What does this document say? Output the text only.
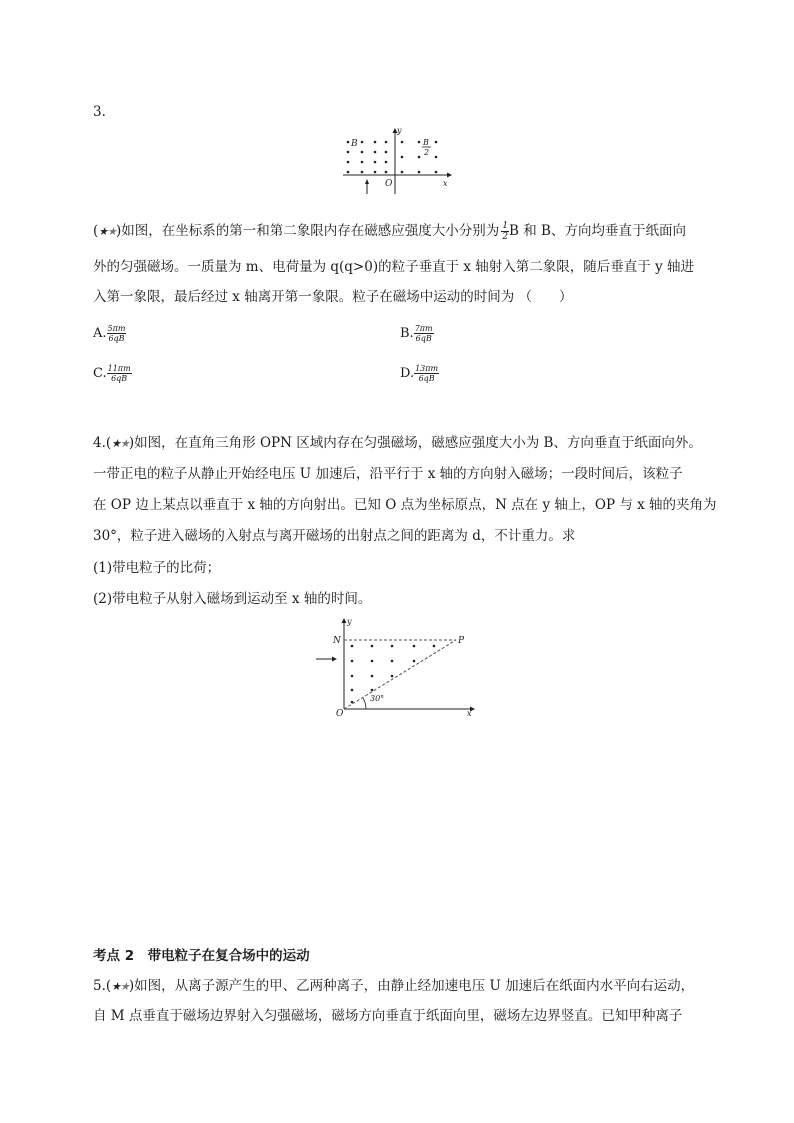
3.
B	B
2
y
x
O
(★★)如图，在坐标系的第一和第二象限内存在磁感应强度大小分别为 $\frac{1}{2}$ B 和 B、方向均垂直于纸面向
外的匀强磁场。一质量为 m、电荷量为 q(q>0)的粒子垂直于 x 轴射入第二象限，随后垂直于 y 轴进
入第一象限，最后经过 x 轴离开第一象限。粒子在磁场中运动的时间为 （　　）
A. $\frac{5\pi m}{6qB}$	B. $\frac{7\pi m}{6qB}$
C. $\frac{11\pi m}{6qB}$	D. $\frac{13\pi m}{6qB}$
4.(★★)如图，在直角三角形 OPN 区域内存在匀强磁场，磁感应强度大小为 B、方向垂直于纸面向外。
一带正电的粒子从静止开始经电压 U 加速后，沿平行于 x 轴的方向射入磁场；一段时间后，该粒子
在 OP 边上某点以垂直于 x 轴的方向射出。已知 O 点为坐标原点，N 点在 y 轴上，OP 与 x 轴的夹角为
30°，粒子进入磁场的入射点与离开磁场的出射点之间的距离为 d，不计重力。求
(1)带电粒子的比荷；
(2)带电粒子从射入磁场到运动至 x 轴的时间。
N	P
y
x
O
30°
考点 2　带电粒子在复合场中的运动
5.(★★)如图，从离子源产生的甲、乙两种离子，由静止经加速电压 U 加速后在纸面内水平向右运动，
自 M 点垂直于磁场边界射入匀强磁场，磁场方向垂直于纸面向里，磁场左边界竖直。已知甲种离子
